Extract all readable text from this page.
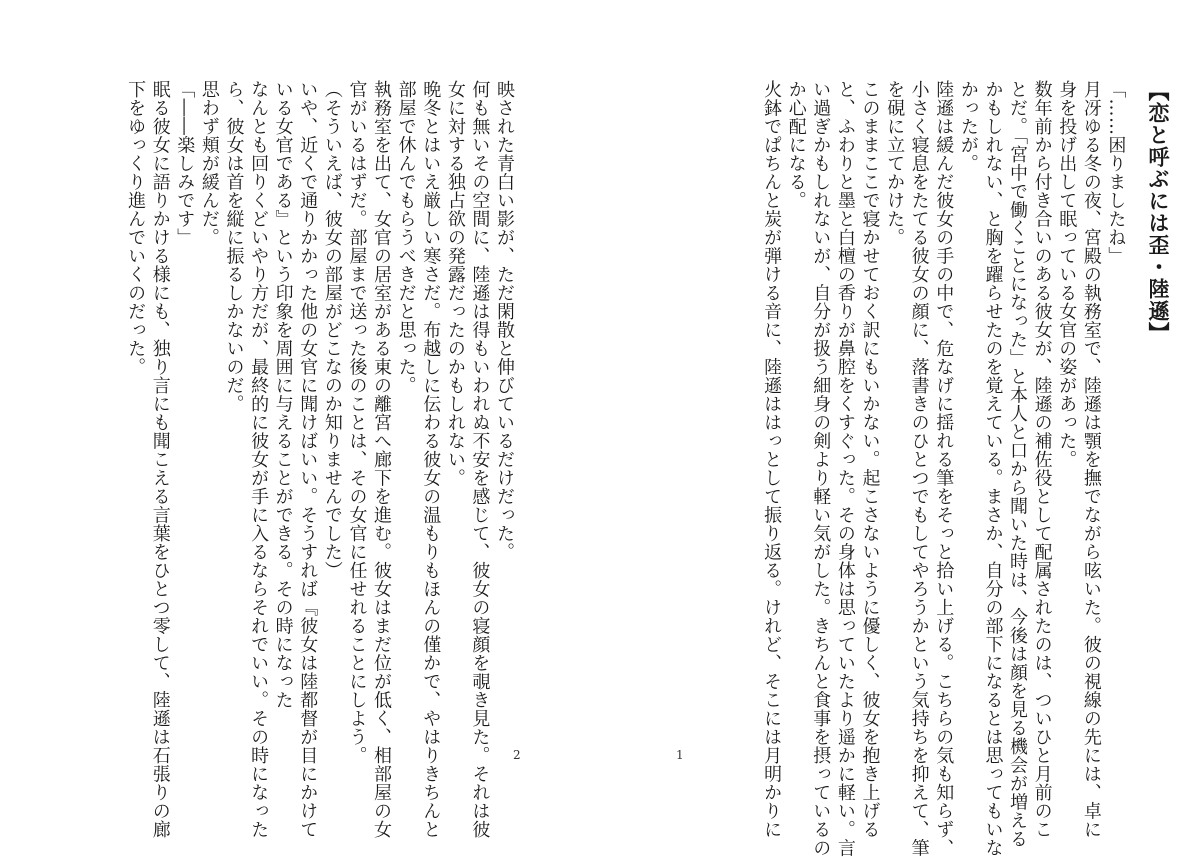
【恋と呼ぶには歪・陸遜】
「……困りましたね」
月冴ゆる冬の夜、宮殿の執務室で、陸遜は顎を撫でながら呟いた。彼の視線の先には、卓に
身を投げ出して眠っている女官の姿があった。
数年前から付き合いのある彼女が、陸遜の補佐役として配属されたのは、ついひと月前のこ
とだ。「宮中で働くことになった」と本人と口から聞いた時は、今後は顔を見る機会が増える
かもしれない、と胸を躍らせたのを覚えている。まさか、自分の部下になるとは思ってもいな
かったが。
陸遜は緩んだ彼女の手の中で、危なげに揺れる筆をそっと拾い上げる。こちらの気も知らず、
小さく寝息をたてる彼女の顔に、落書きのひとつでもしてやろうかという気持ちを抑えて、筆
を硯に立てかけた。
このままここで寝かせておく訳にもいかない。起こさないように優しく、彼女を抱き上げる
と、ふわりと墨と白檀の香りが鼻腔をくすぐった。その身体は思っていたより遥かに軽い。言
い過ぎかもしれないが、自分が扱う細身の剣より軽い気がした。きちんと食事を摂っているの
か心配になる。
火鉢でぱちんと炭が弾ける音に、陸遜ははっとして振り返る。けれど、そこには月明かりに
1
映された青白い影が、ただ閑散と伸びているだけだった。
何も無いその空間に、陸遜は得もいわれぬ不安を感じて、彼女の寝顔を覗き見た。それは彼
女に対する独占欲の発露だったのかもしれない。
晩冬とはいえ厳しい寒さだ。布越しに伝わる彼女の温もりもほんの僅かで、やはりきちんと
部屋で休んでもらうべきだと思った。
執務室を出て、女官の居室がある東の離宮へ廊下を進む。彼女はまだ位が低く、相部屋の女
官がいるはずだ。部屋まで送った後のことは、その女官に任せれることにしよう。
（そういえば、彼女の部屋がどこなのか知りませんでした）
いや、近くで通りかかった他の女官に聞けばいい。そうすれば『彼女は陸都督が目にかけて
いる女官である』という印象を周囲に与えることができる。その時になった
なんとも回りくどいやり方だが、最終的に彼女が手に入るならそれでいい。その時になった
ら、彼女は首を縦に振るしかないのだ。
思わず頬が緩んだ。
「――楽しみです」
眠る彼女に語りかける様にも、独り言にも聞こえる言葉をひとつ零して、陸遜は石張りの廊
下をゆっくり進んでいくのだった。
2
